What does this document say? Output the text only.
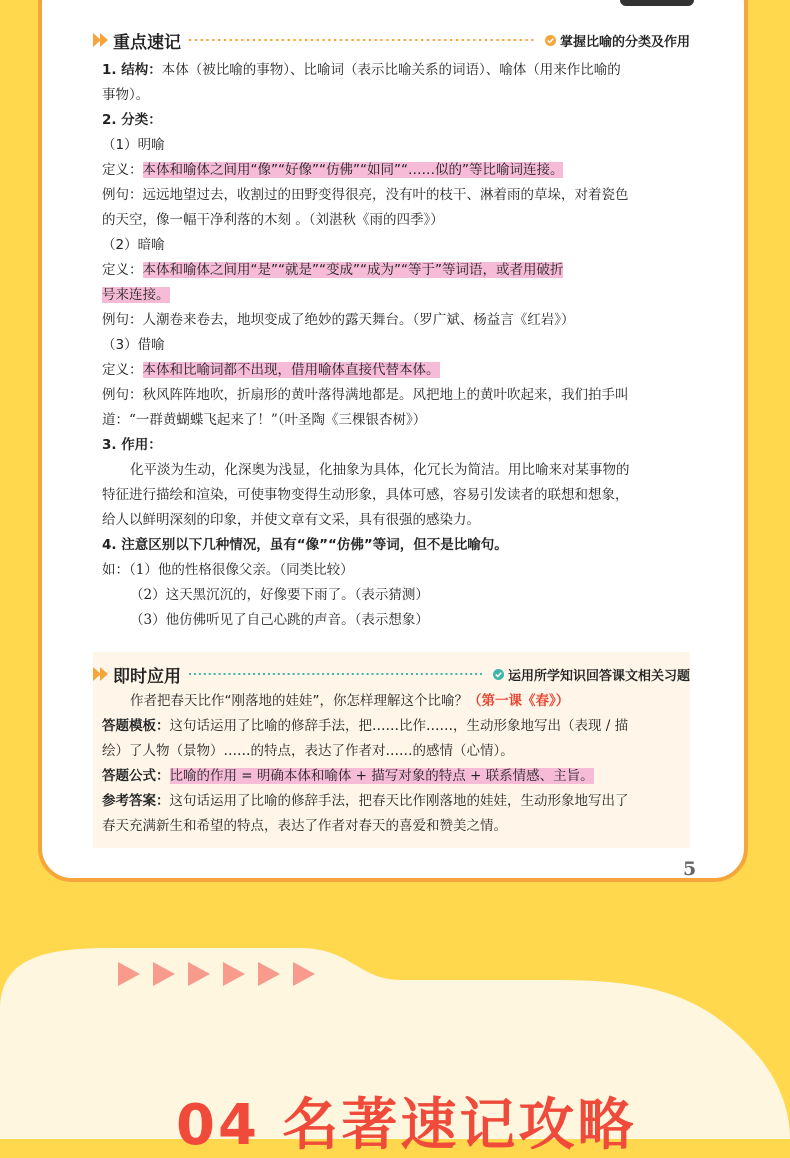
重点速记	掌握比喻的分类及作用
1. 结构：本体（被比喻的事物）、比喻词（表示比喻关系的词语）、喻体（用来作比喻的
事物）。
2. 分类：
（1）明喻
定义：本体和喻体之间用“像”“好像”“仿佛”“如同”“……似的”等比喻词连接。
例句：远远地望过去，收割过的田野变得很亮，没有叶的枝干、淋着雨的草垛，对着瓷色
的天空，像一幅干净利落的木刻 。（刘湛秋《雨的四季》）
（2）暗喻
定义：本体和喻体之间用“是”“就是”“变成”“成为”“等于”等词语，或者用破折
号来连接。
例句：人潮卷来卷去，地坝变成了绝妙的露天舞台。（罗广斌、杨益言《红岩》）
（3）借喻
定义：本体和比喻词都不出现，借用喻体直接代替本体。
例句：秋风阵阵地吹，折扇形的黄叶落得满地都是。风把地上的黄叶吹起来，我们拍手叫
道：“一群黄蝴蝶飞起来了！”（叶圣陶《三棵银杏树》）
3. 作用：
化平淡为生动，化深奥为浅显，化抽象为具体，化冗长为简洁。用比喻来对某事物的
特征进行描绘和渲染，可使事物变得生动形象，具体可感，容易引发读者的联想和想象，
给人以鲜明深刻的印象，并使文章有文采，具有很强的感染力。
4. 注意区别以下几种情况，虽有“像”“仿佛”等词，但不是比喻句。
如：（1）他的性格很像父亲。（同类比较）
（2）这天黑沉沉的，好像要下雨了。（表示猜测）
（3）他仿佛听见了自己心跳的声音。（表示想象）
即时应用	运用所学知识回答课文相关习题
作者把春天比作“刚落地的娃娃”，你怎样理解这个比喻？（第一课《春》）
答题模板：这句话运用了比喻的修辞手法，把……比作……，生动形象地写出（表现 / 描
绘）了人物（景物）……的特点，表达了作者对……的感情（心情）。
答题公式：比喻的作用 = 明确本体和喻体 + 描写对象的特点 + 联系情感、主旨。
参考答案：这句话运用了比喻的修辞手法，把春天比作刚落地的娃娃，生动形象地写出了
春天充满新生和希望的特点，表达了作者对春天的喜爱和赞美之情。
5
04 名著速记攻略
